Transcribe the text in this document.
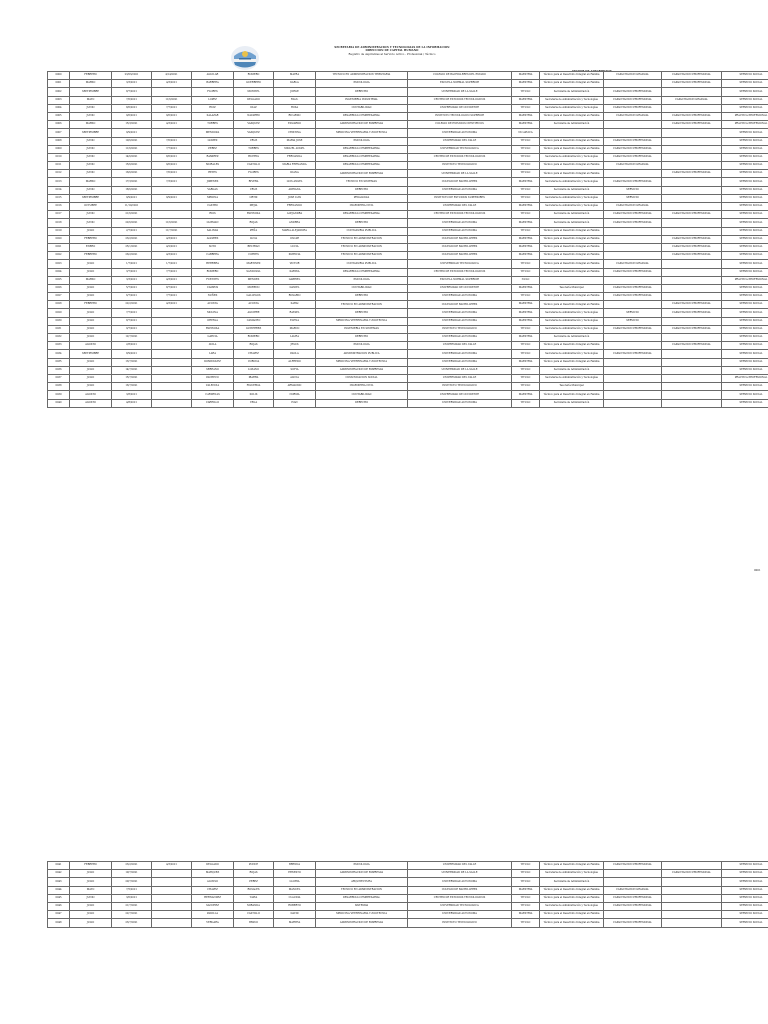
SECRETARIA DE ADMINISTRACION Y TECNOLOGIAS DE LA INFORMACION
DIRECCION DE CAPITAL HUMANO
Registro de Aspirantes al Servicio Activo - Profesional / Técnico
SECTOR DE ADSCRIPCION
0000	FEBRERO	23/03/2021	4/14/2021	AGUILAR	ROMERO	MAYRA	TECNICO EN ADMINISTRACION TRIBUTARIA	COLEGIO DE BACHILLERES DEL ESTADO	MAESTRIA	Técnico para el Desarrollo Integral en Familia	CAPACITACION GRADUAL	CAPACITACION PROFESIONAL	SERVICIO SOCIAL
0001	MARZO	3/3/2021	4/3/2021	BARRERA	GUERRERO	KARLA	PSICOLOGIA	ESCUELA NORMAL SUPERIOR	MAESTRIA	Técnico para el Desarrollo Integral en Familia		CAPACITACION PROFESIONAL	SERVICIO SOCIAL
0002	SEPTIEMBRE	8/7/2021		FLORES	MONTIEL	JORGE	DERECHO	UNIVERSIDAD DE LA SALLE	TITULO	Secretaria de Administración	CAPACITACION PROFESIONAL		SERVICIO SOCIAL
0003	MAYO	7/6/2021	11/6/2021	LOPEZ	DELGADO	RAUL	INGENIERIA INDUSTRIAL	CENTRO DE ESTUDIOS TECNOLOGICOS	MAESTRIA	Secretaria de Administración y Tecnologías	CAPACITACION PROFESIONAL	CAPACITACION GRADUAL	SERVICIO SOCIAL
0004	JUNIO	8/6/2021	7/7/2021	RUIZ	DIAZ	ROSA	CONTABILIDAD	UNIVERSIDAD DE OCCIDENTE	TITULO	Secretaria de Administración y Tecnologías	CAPACITACION PROFESIONAL		SERVICIO SOCIAL
0005	JUNIO	9/6/2021	9/6/2021	SALAZAR	NAVARRO	RICARDO	DESARROLLO EMPRESARIAL	INSTITUTO TECNOLOGICO SUPERIOR	MAESTRIA	Técnico para el Desarrollo Integral en Familia	CAPACITACION GRADUAL	CAPACITACION PROFESIONAL	PRACTICA PROFESIONAL
0006	MARZO	15/3/2021	4/3/2021	TORRES	VAZQUEZ	EDUARDO	ADMINISTRACION DE EMPRESAS	COLEGIO DE ESTUDIOS CIENTIFICOS	MAESTRIA	Secretaria de Administración		CAPACITACION PROFESIONAL	PRACTICA PROFESIONAL
0007	SEPTIEMBRE	9/9/2021		MENDOZA	VAZQUEZ	CRISTINA	MEDICINA VETERINARIA Y ZOOTECNIA	UNIVERSIDAD AUTONOMA	NO APLICA				SERVICIO SOCIAL
0008	JUNIO	10/6/2021	7/6/2021	GOMEZ	CRUZ	MARIA JOSE	PSICOLOGIA	UNIVERSIDAD DEL VALLE	TITULO	Técnico para el Desarrollo Integral en Familia	CAPACITACION PROFESIONAL		SERVICIO SOCIAL
0009	JUNIO	11/6/2021	7/7/2021	PEREZ	TORRES	MIGUEL ANGEL	DESARROLLO EMPRESARIAL	UNIVERSIDAD TECNOLOGICA	TITULO	Técnico para el Desarrollo Integral en Familia	CAPACITACION PROFESIONAL		SERVICIO SOCIAL
0010	JUNIO	14/6/2021	8/6/2021	RAMIREZ	HUERTA	FERNANDA	DESARROLLO EMPRESARIAL	CENTRO DE ESTUDIOS TECNOLOGICOS	TITULO	Secretaria de Administración y Tecnologías	CAPACITACION PROFESIONAL		SERVICIO SOCIAL
0011	JUNIO	15/6/2021	9/6/2021	MORALES	CASTILLO	MARIA FERNANDA	DESARROLLO EMPRESARIAL	INSTITUTO TECNOLOGICO	TITULO	Técnico para el Desarrollo Integral en Familia	CAPACITACION GRADUAL		SERVICIO SOCIAL
0012	JUNIO	16/6/2021	7/6/2021	REYES	FLORES	DIANA	ADMINISTRACION DE EMPRESAS	UNIVERSIDAD DE LA SALLE	TITULO	Técnico para el Desarrollo Integral en Familia		CAPACITACION PROFESIONAL	SERVICIO SOCIAL
0013	MARZO	17/3/2021	7/3/2021	JIMENEZ	RIVERA	LUIS ANGEL	TECNICO EN SISTEMAS	COLEGIO DE BACHILLERES	MAESTRIA	Secretaria de Administración y Tecnologías	CAPACITACION PROFESIONAL		SERVICIO SOCIAL
0014	JUNIO	18/6/2021		VARGAS	CRUZ	ADRIANA	DERECHO	UNIVERSIDAD AUTONOMA	TITULO	Secretaria de Administración	SERVICIO		SERVICIO SOCIAL
0015	SEPTIEMBRE	9/9/2021	9/9/2021	MEDINA	ORTIZ	JOSE LUIS	PEDAGOGIA	INSTITUTO DE ESTUDIOS SUPERIORES	TITULO	Secretaria de Administración y Tecnologías	SERVICIO		SERVICIO SOCIAL
0016	OCTUBRE	11/10/2021		CASTRO	MEJIA	FERNANDO	INGENIERIA CIVIL	UNIVERSIDAD DEL VALLE	MAESTRIA	Secretaria de Administración y Tecnologías	CAPACITACION GRADUAL		SERVICIO SOCIAL
0017	JUNIO	21/6/2021		RIOS	ESPINOZA	ALEJANDRA	DESARROLLO EMPRESARIAL	CENTRO DE ESTUDIOS TECNOLOGICOS	TITULO	Secretaria de Administración	CAPACITACION PROFESIONAL	CAPACITACION PROFESIONAL	SERVICIO SOCIAL
0018	JUNIO	22/6/2021	11/6/2021	GUZMAN	ROJAS	ANDREA	DERECHO	UNIVERSIDAD AUTONOMA	MAESTRIA	Secretaria de Administración	CAPACITACION PROFESIONAL		SERVICIO SOCIAL
0019	JULIO	2/7/2021	11/7/2021	SALINAS	PEÑA	MARIA ALEJANDRA	CONTADURIA PUBLICA	UNIVERSIDAD AUTONOMA	TITULO	Técnico para el Desarrollo Integral en Familia			SERVICIO SOCIAL
0020	FEBRERO	23/2/2021	4/3/2021	ALVAREZ	LUNA	OSCAR	TECNICO EN ADMINISTRACION	COLEGIO DE BACHILLERES	MAESTRIA	Técnico para el Desarrollo Integral en Familia		CAPACITACION PROFESIONAL	SERVICIO SOCIAL
0021	ENERO	25/1/2021	4/2/2021	SOTO	BELTRAN	LUCIA	TECNICO EN ADMINISTRACION	COLEGIO DE BACHILLERES	MAESTRIA	Técnico para el Desarrollo Integral en Familia		CAPACITACION PROFESIONAL	SERVICIO SOCIAL
0022	FEBRERO	26/2/2021	4/3/2021	CABRERA	CORTES	PATRICIA	TECNICO EN ADMINISTRACION	COLEGIO DE BACHILLERES	MAESTRIA	Técnico para el Desarrollo Integral en Familia		CAPACITACION PROFESIONAL	SERVICIO SOCIAL
0023	JULIO	1/7/2021	1/7/2021	HERRERA	MARTINEZ	VICTOR	CONTADURIA PUBLICA	UNIVERSIDAD TECNOLOGICA	TITULO	Técnico para el Desarrollo Integral en Familia	CAPACITACION GRADUAL		SERVICIO SOCIAL
0024	JULIO	3/7/2021	7/7/2021	ROMERO	SANDOVAL	KARINA	DESARROLLO EMPRESARIAL	CENTRO DE ESTUDIOS TECNOLOGICOS	TITULO	Técnico para el Desarrollo Integral en Familia	CAPACITACION PROFESIONAL		SERVICIO SOCIAL
0025	MARZO	3/3/2021	4/3/2021	FUENTES	MENDEZ	GABRIEL	PSICOLOGIA	ESCUELA NORMAL SUPERIOR	NULO				PRACTICA PROFESIONAL
0026	JULIO	5/7/2021	8/7/2021	CAMPOS	MORENO	DANIEL	CONTABILIDAD	UNIVERSIDAD DE OCCIDENTE	MAESTRIA	Tesorería Municipal	CAPACITACION PROFESIONAL		SERVICIO SOCIAL
0027	JULIO	6/7/2021	7/7/2021	NUÑEZ	GALLEGOS	ROSARIO	DERECHO	UNIVERSIDAD AUTONOMA	TITULO	Técnico para el Desarrollo Integral en Familia	CAPACITACION PROFESIONAL		SERVICIO SOCIAL
0028	FEBRERO	22/2/2021	4/3/2021	ACOSTA	ACOSTA	SARAI	TECNICO EN ADMINISTRACION	COLEGIO DE BACHILLERES	MAESTRIA	Técnico para el Desarrollo Integral en Familia		CAPACITACION PROFESIONAL	SERVICIO SOCIAL
0029	JULIO	7/7/2021		MOLINA	AGUIRRE	RAFAEL	DERECHO	UNIVERSIDAD AUTONOMA	MAESTRIA	Secretaria de Administración y Tecnologías	SERVICIO	CAPACITACION PROFESIONAL	SERVICIO SOCIAL
0030	JULIO	8/7/2021		ORTEGA	CAMACHO	ELENA	MEDICINA VETERINARIA Y ZOOTECNIA	UNIVERSIDAD AUTONOMA	MAESTRIA	Secretaria de Administración y Tecnologías	SERVICIO		SERVICIO SOCIAL
0031	JULIO	9/7/2021		ESPINOSA	GUTIERREZ	MARCO	INGENIERIA EN SISTEMAS	INSTITUTO TECNOLOGICO	TITULO	Secretaria de Administración y Tecnologías	CAPACITACION PROFESIONAL	CAPACITACION PROFESIONAL	SERVICIO SOCIAL
0032	JULIO	12/7/2021		GARCIA	ROMERO	LAURA	DERECHO	UNIVERSIDAD AUTONOMA	MAESTRIA	Secretaria de Administración			SERVICIO SOCIAL
0033	AGOSTO	2/8/2021		AVILA	ROJAS	JESUS	PSICOLOGIA	UNIVERSIDAD DEL VALLE	TITULO	Técnico para el Desarrollo Integral en Familia		CAPACITACION PROFESIONAL	SERVICIO SOCIAL
0034	SEPTIEMBRE	8/9/2021		LARA	CHAVEZ	PAOLA	ADMINISTRACION PUBLICA	UNIVERSIDAD AUTONOMA	TITULO	Secretaria de Administración y Tecnologías	CAPACITACION PROFESIONAL		SERVICIO SOCIAL
0035	JULIO	13/7/2021		DOMINGUEZ	CORONA	ALFREDO	MEDICINA VETERINARIA Y ZOOTECNIA	UNIVERSIDAD AUTONOMA	MAESTRIA	Técnico para el Desarrollo Integral en Familia			SERVICIO SOCIAL
0036	JULIO	14/7/2021		SERRANO	LOZANO	SOFIA	ADMINISTRACION DE EMPRESAS	UNIVERSIDAD DE LA SALLE	TITULO	Secretaria de Administración			SERVICIO SOCIAL
0037	JULIO	15/7/2021		PACHECO	IBARRA	ALICIA	COMUNICACION SOCIAL	UNIVERSIDAD DEL VALLE	TITULO	Secretaria de Administración y Tecnologías			PRACTICA PROFESIONAL
0038	JULIO	16/7/2021		VALENCIA	FIGUEROA	ARMANDO	INGENIERIA CIVIL	INSTITUTO TECNOLOGICO	TITULO	Tesorería Municipal			SERVICIO SOCIAL
0039	AGOSTO	3/8/2021		CARDENAS	SOLIS	NORMA	CONTABILIDAD	UNIVERSIDAD DE OCCIDENTE	MAESTRIA	Técnico para el Desarrollo Integral en Familia			SERVICIO SOCIAL
0040	AGOSTO	4/8/2021		CARRILLO	VEGA	IVAN	DERECHO	UNIVERSIDAD AUTONOMA	TITULO	Secretaria de Administración			SERVICIO SOCIAL
0041	FEBRERO	23/2/2021	4/3/2021	DELGADO	PONCE	BRENDA	PSICOLOGIA	UNIVERSIDAD DEL VALLE	TITULO	Técnico para el Desarrollo Integral en Familia	CAPACITACION PROFESIONAL		SERVICIO SOCIAL
0042	JULIO	19/7/2021		MARQUEZ	ROJAS	ERNESTO	ADMINISTRACION DE EMPRESAS	UNIVERSIDAD DE LA SALLE	TITULO	Secretaria de Administración y Tecnologías		CAPACITACION PROFESIONAL	SERVICIO SOCIAL
0043	JULIO	20/7/2021		ALONSO	PEREZ	GLORIA	ARQUITECTURA	UNIVERSIDAD AUTONOMA	TITULO	Secretaria de Administración			SERVICIO SOCIAL
0044	MAYO	7/5/2021		CHAVEZ	ROSALES	MANUEL	TECNICO EN ADMINISTRACION	COLEGIO DE BACHILLERES	MAESTRIA	Técnico para el Desarrollo Integral en Familia	CAPACITACION GRADUAL		SERVICIO SOCIAL
0045	JUNIO	3/6/2021		HERNANDEZ	TAPIA	CLAUDIA	DESARROLLO EMPRESARIAL	CENTRO DE ESTUDIOS TECNOLOGICOS	TITULO	Técnico para el Desarrollo Integral en Familia	CAPACITACION PROFESIONAL		SERVICIO SOCIAL
0046	JULIO	21/7/2021		SANCHEZ	MIRANDA	ROBERTO	SISTEMAS	UNIVERSIDAD TECNOLOGICA	TITULO	Secretaria de Administración y Tecnologías	CAPACITACION PROFESIONAL		SERVICIO SOCIAL
0047	JULIO	22/7/2021		PADILLA	CASTILLO	DAVID	MEDICINA VETERINARIA Y ZOOTECNIA	UNIVERSIDAD AUTONOMA	MAESTRIA	Técnico para el Desarrollo Integral en Familia			SERVICIO SOCIAL
0048	JULIO	23/7/2021		VERGARA	BRAVO	MARTHA	ADMINISTRACION DE EMPRESAS	INSTITUTO TECNOLOGICO	TITULO	Técnico para el Desarrollo Integral en Familia	CAPACITACION PROFESIONAL		SERVICIO SOCIAL
0001
